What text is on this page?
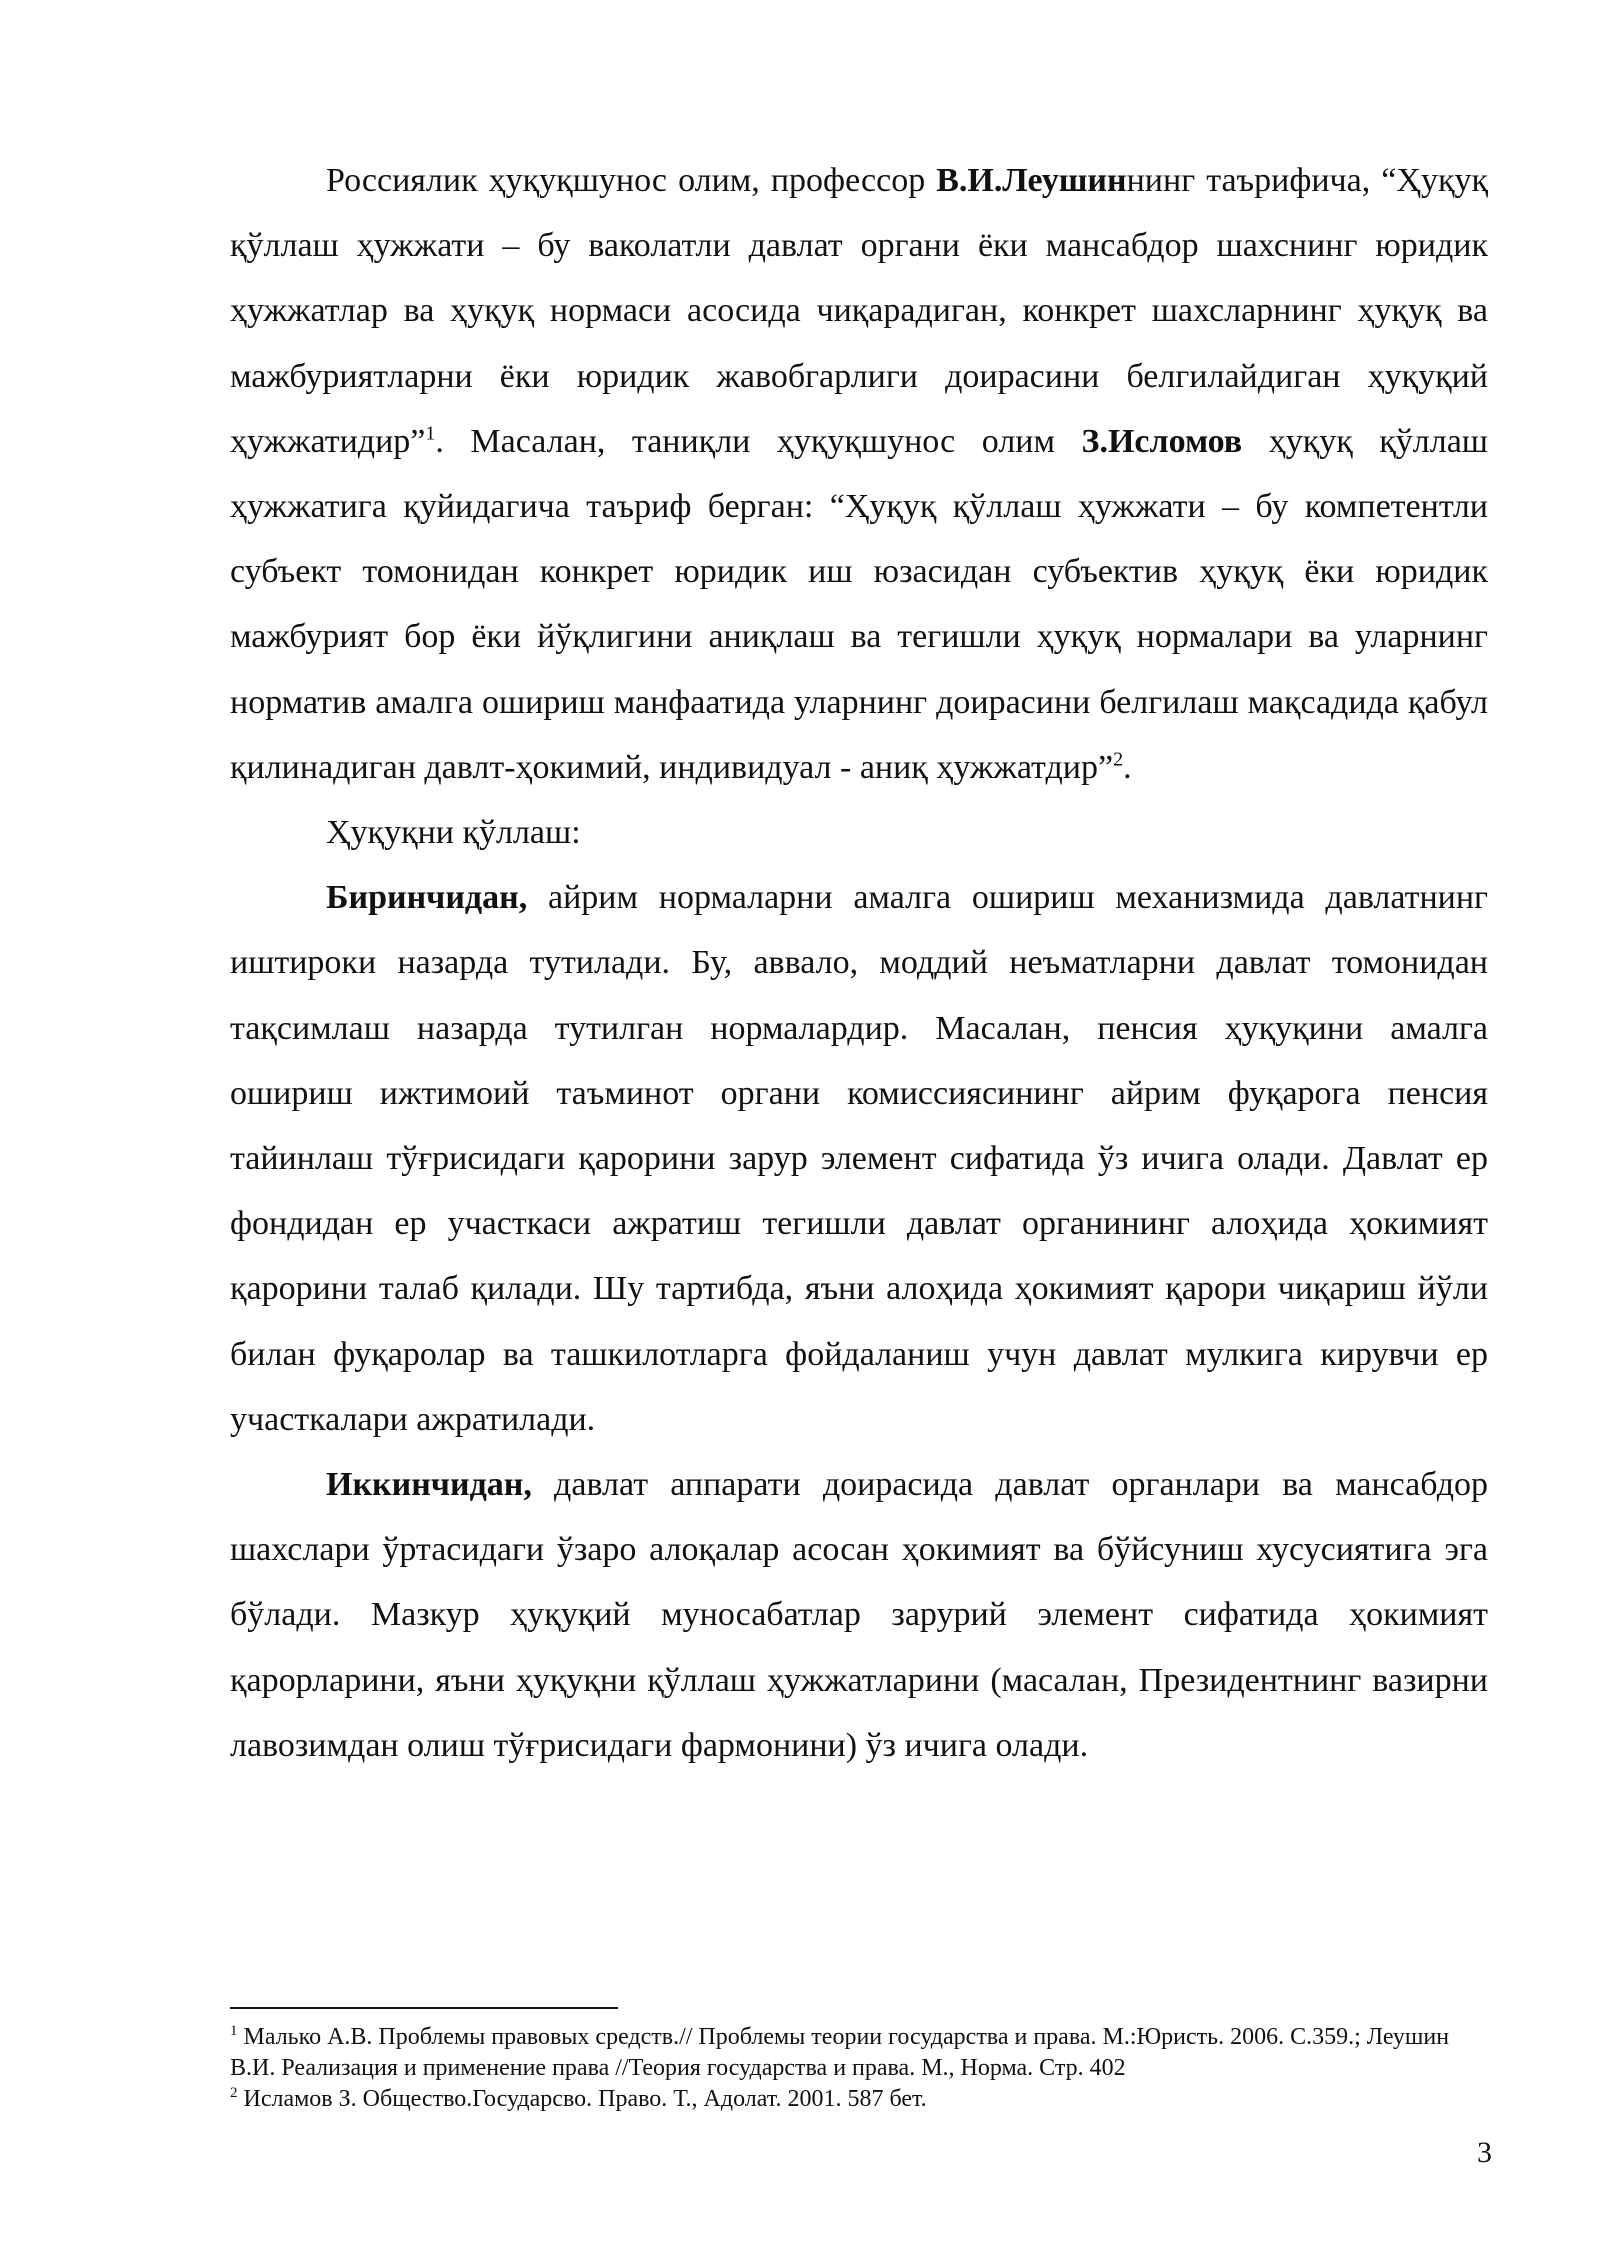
Россиялик ҳуқуқшунос олим, профессор В.И.Леушиннинг таърифича, “Ҳуқуқ қўллаш ҳужжати – бу ваколатли давлат органи ёки мансабдор шахснинг юридик ҳужжатлар ва ҳуқуқ нормаси асосида чиқарадиган, конкрет шахсларнинг ҳуқуқ ва мажбуриятларни ёки юридик жавобгарлиги доирасини белгилайдиган ҳуқуқий ҳужжатидир”$^1$. Масалан, таниқли ҳуқуқшунос олим З.Исломов ҳуқуқ қўллаш ҳужжатига қуйидагича таъриф берган: “Ҳуқуқ қўллаш ҳужжати – бу компетентли субъект томонидан конкрет юридик иш юзасидан субъектив ҳуқуқ ёки юридик мажбурият бор ёки йўқлигини аниқлаш ва тегишли ҳуқуқ нормалари ва уларнинг норматив амалга ошириш манфаатида уларнинг доирасини белгилаш мақсадида қабул қилинадиган давлт-ҳокимий, индивидуал - аниқ ҳужжатдир”$^2$.

Ҳуқуқни қўллаш:

Биринчидан, айрим нормаларни амалга ошириш механизмида давлатнинг иштироки назарда тутилади. Бу, аввало, моддий неъматларни давлат томонидан тақсимлаш назарда тутилган нормалардир. Масалан, пенсия ҳуқуқини амалга ошириш ижтимоий таъминот органи комиссиясининг айрим фуқарога пенсия тайинлаш тўғрисидаги қарорини зарур элемент сифатида ўз ичига олади. Давлат ер фондидан ер участкаси ажратиш тегишли давлат органининг алоҳида ҳокимият қарорини талаб қилади. Шу тартибда, яъни алоҳида ҳокимият қарори чиқариш йўли билан фуқаролар ва ташкилотларга фойдаланиш учун давлат мулкига кирувчи ер участкалари ажратилади.

Иккинчидан, давлат аппарати доирасида давлат органлари ва мансабдор шахслари ўртасидаги ўзаро алоқалар асосан ҳокимият ва бўйсуниш хусусиятига эга бўлади. Мазкур ҳуқуқий муносабатлар зарурий элемент сифатида ҳокимият қарорларини, яъни ҳуқуқни қўллаш ҳужжатларини (масалан, Президентнинг вазирни лавозимдан олиш тўғрисидаги фармонини) ўз ичига олади.

$^1$ Малько А.В. Проблемы правовых средств.// Проблемы теории государства и права. М.:Юристь. 2006. С.359.; Леушин В.И. Реализация и применение права //Теория государства и права. М., Норма. Стр. 402

$^2$ Исламов З. Общество.Государсво. Право. Т., Адолат. 2001. 587 бет.

3
